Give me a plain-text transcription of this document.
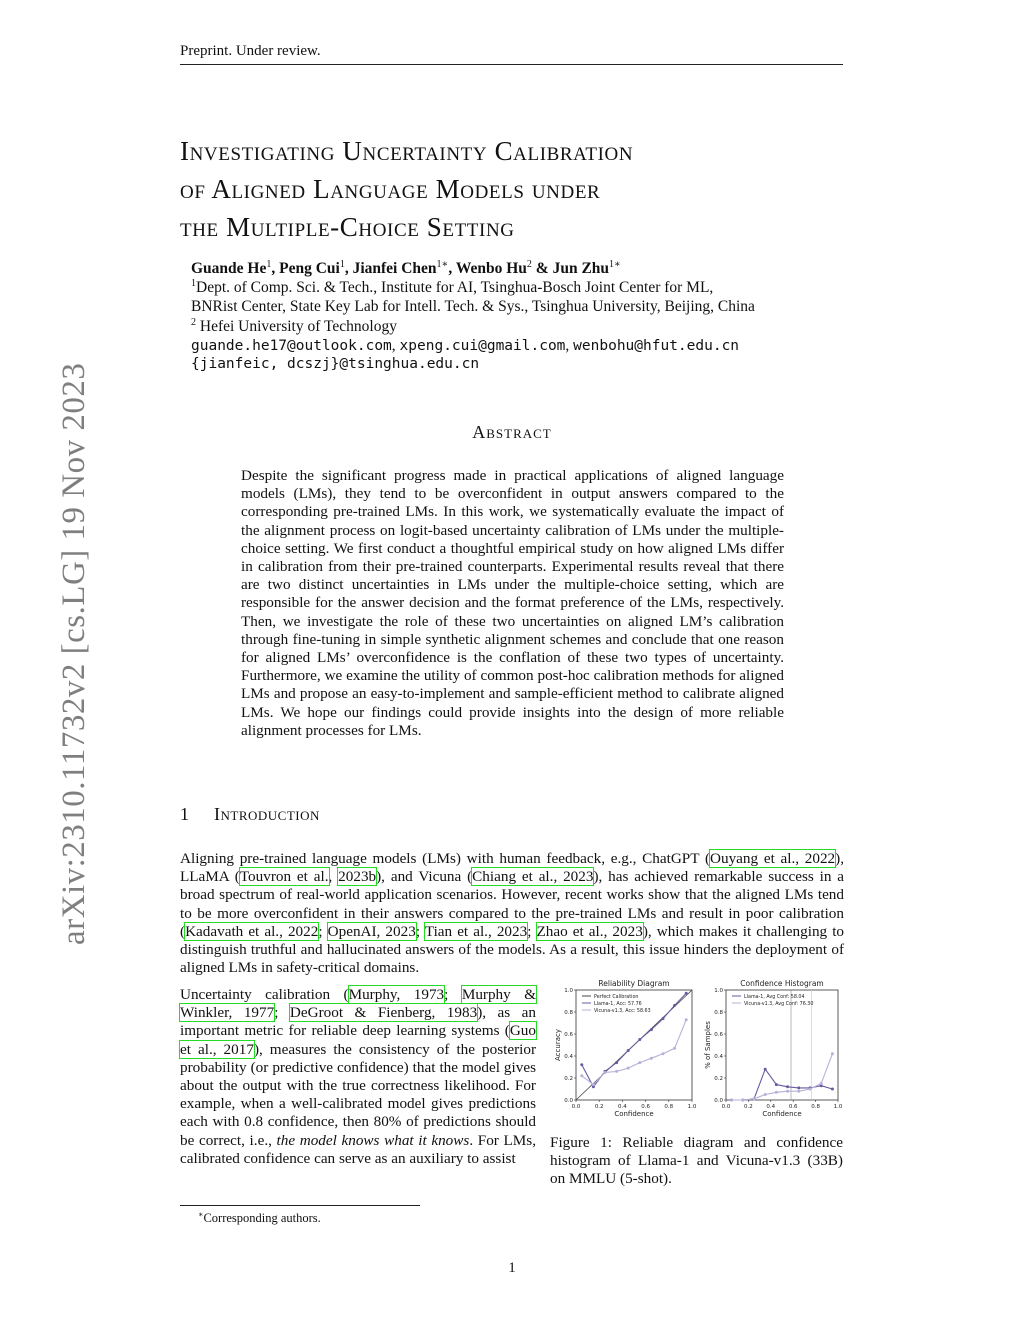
Preprint. Under review.
arXiv:2310.11732v2 [cs.LG] 19 Nov 2023
Investigating Uncertainty Calibration
of Aligned Language Models under
the Multiple-Choice Setting
Guande He$^1$, Peng Cui$^1$, Jianfei Chen$^{1∗}$, Wenbo Hu$^2$ & Jun Zhu$^{1∗}$
$^1$Dept. of Comp. Sci. & Tech., Institute for AI, Tsinghua-Bosch Joint Center for ML,
BNRist Center, State Key Lab for Intell. Tech. & Sys., Tsinghua University, Beijing, China
$^2$ Hefei University of Technology
guande.he17@outlook.com, xpeng.cui@gmail.com, wenbohu@hfut.edu.cn
{jianfeic, dcszj}@tsinghua.edu.cn
Abstract
Despite the significant progress made in practical applications of aligned language models (LMs), they tend to be overconfident in output answers compared to the corresponding pre-trained LMs. In this work, we systematically evaluate the impact of the alignment process on logit-based uncertainty calibration of LMs under the multiple-choice setting. We first conduct a thoughtful empirical study on how aligned LMs differ in calibration from their pre-trained counterparts. Experimental results reveal that there are two distinct uncertainties in LMs under the multiple-choice setting, which are responsible for the answer decision and the format preference of the LMs, respectively. Then, we investigate the role of these two uncertainties on aligned LM’s calibration through fine-tuning in simple synthetic alignment schemes and conclude that one reason for aligned LMs’ overconfidence is the conflation of these two types of uncertainty. Furthermore, we examine the utility of common post-hoc calibration methods for aligned LMs and propose an easy-to-implement and sample-efficient method to calibrate aligned LMs. We hope our findings could provide insights into the design of more reliable alignment processes for LMs.
1 Introduction
Aligning pre-trained language models (LMs) with human feedback, e.g., ChatGPT (Ouyang et al., 2022), LLaMA (Touvron et al., 2023b), and Vicuna (Chiang et al., 2023), has achieved remarkable success in a broad spectrum of real-world application scenarios. However, recent works show that the aligned LMs tend to be more overconfident in their answers compared to the pre-trained LMs and result in poor calibration (Kadavath et al., 2022; OpenAI, 2023; Tian et al., 2023; Zhao et al., 2023), which makes it challenging to distinguish truthful and hallucinated answers of the models. As a result, this issue hinders the deployment of aligned LMs in safety-critical domains.
Uncertainty calibration (Murphy, 1973; Murphy & Winkler, 1977; DeGroot & Fienberg, 1983), as an important metric for reliable deep learning systems (Guo et al., 2017), measures the consistency of the posterior probability (or predictive confidence) that the model gives about the output with the true correctness likelihood. For example, when a well-calibrated model gives predictions each with 0.8 confidence, then 80% of predictions should be correct, i.e., the model knows what it knows. For LMs, calibrated confidence can serve as an auxiliary to assist
Reliability Diagram
0.0	0.2	0.4	0.6	0.8	1.0
0.0
0.2
0.4
0.6
0.8
1.0
Confidence
Accuracy
Perfect Calibration
Llama-1, Acc: 57.76
Vicuna-v1.3, Acc: 58.63
Confidence Histogram
0.0 0.2 0.4 0.6 0.8 1.0
0.0
0.2
0.4
0.6
0.8
1.0
Confidence
% of Samples
Llama-1, Avg Conf: 58.04
Vicuna-v1.3, Avg Conf: 76.30
Figure 1: Reliable diagram and confidence histogram of Llama-1 and Vicuna-v1.3 (33B) on MMLU (5-shot).
∗Corresponding authors.
1
